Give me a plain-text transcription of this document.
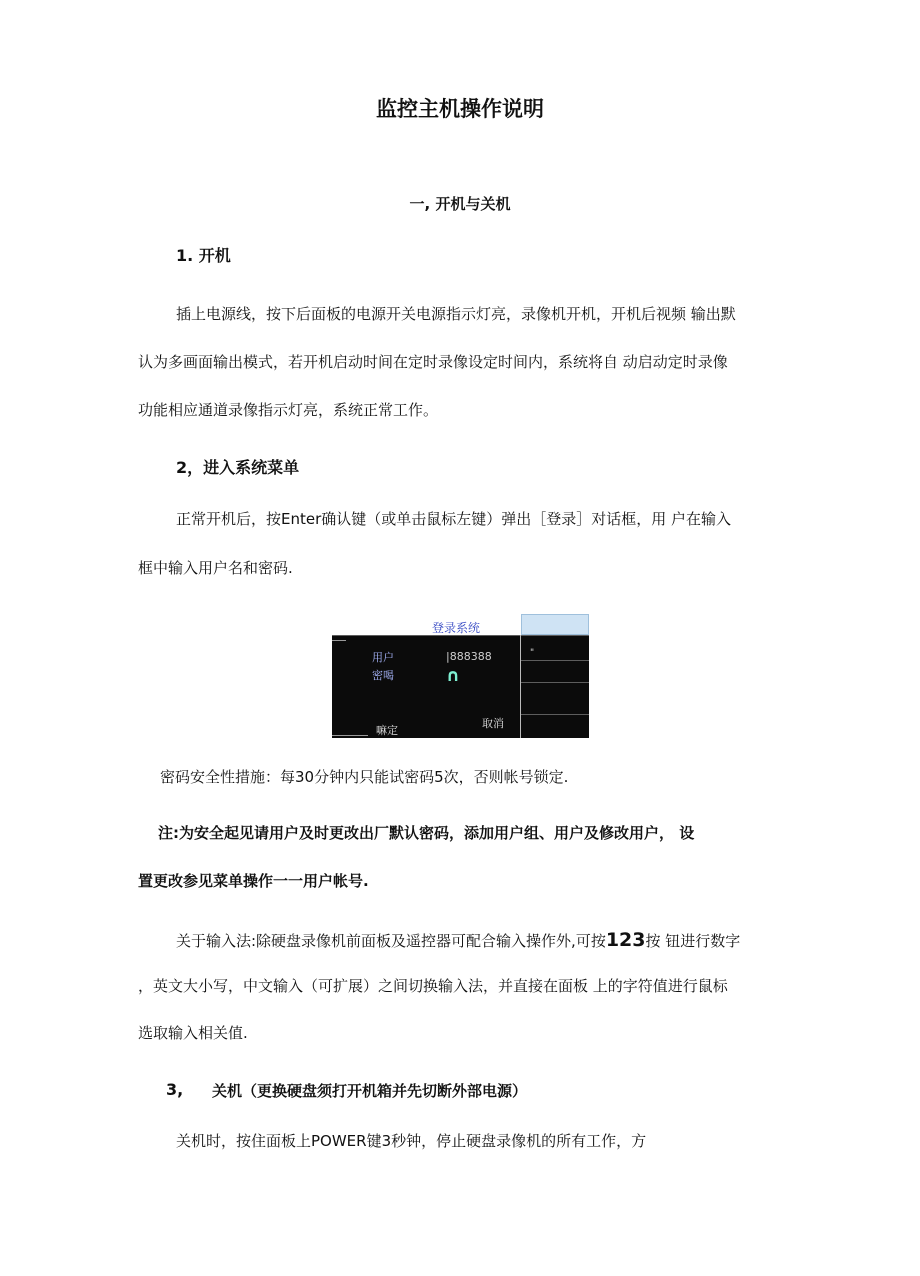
监控主机操作说明
一, 开机与关机
1. 开机
插上电源线，按下后面板的电源开关电源指示灯亮，录像机开机，开机后视频 输出默
认为多画面输出模式，若开机启动时间在定时录像设定时间内，系统将自 动启动定时录像
功能相应通道录像指示灯亮，系统正常工作。
2，进入系统菜单
正常开机后，按Enter确认键（或单击鼠标左键）弹出［登录］对话框，用 户在输入
框中输入用户名和密码.
登录系统
用户	|888388
密喝	∩
"
嘛定
取消
密码安全性措施：每30分钟内只能试密码5次，否则帐号锁定.
注:为安全起见请用户及时更改出厂默认密码，添加用户组、用户及修改用户， 设
置更改参见菜单操作一一用户帐号.
关于输入法:除硬盘录像机前面板及遥控器可配合输入操作外,可按123按 钮进行数字
，英文大小写，中文输入（可扩展）之间切换输入法，并直接在面板 上的字符值进行鼠标
选取输入相关值.
3, 关机（更换硬盘须打开机箱并先切断外部电源）
关机时，按住面板上POWER键3秒钟，停止硬盘录像机的所有工作，方
